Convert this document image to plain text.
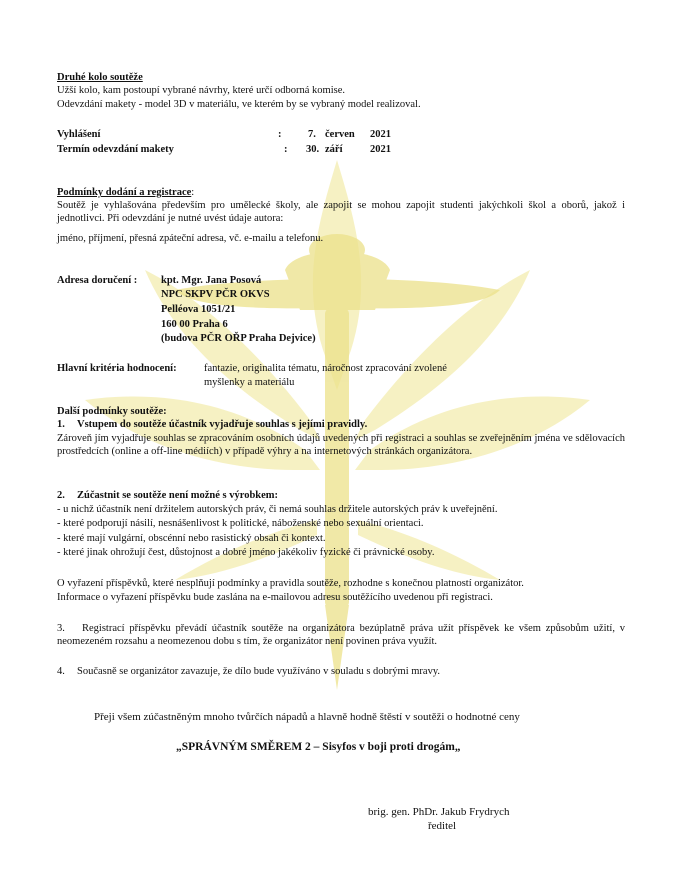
Druhé kolo soutěže
Užší kolo, kam postoupí vybrané návrhy, které určí odborná komise.
Odevzdání makety - model 3D v materiálu, ve kterém by se vybraný model realizoval.
Vyhlášení	:	7. červen 2021
Termín odevzdání makety	: 30. září	2021
Podmínky dodání a registrace:
Soutěž je vyhlašována především pro umělecké školy, ale zapojit se mohou zapojit studenti jakýchkoli škol a oborů, jakož i jednotlivci. Při odevzdání je nutné uvést údaje autora:
jméno, příjmení, přesná zpáteční adresa, vč. e-mailu a telefonu.
Adresa doručení : kpt. Mgr. Jana Posová
NPC SKPV PČR OKVS
Pelléova 1051/21
160 00 Praha 6
(budova PČR OŘP Praha Dejvice)
Hlavní kritéria hodnocení:	fantazie, originalita tématu, náročnost zpracování zvolené
myšlenky a materiálu
Další podmínky soutěže:
1. Vstupem do soutěže účastník vyjadřuje souhlas s jejími pravidly.
Zároveň jím vyjadřuje souhlas se zpracováním osobních údajů uvedených při registraci a souhlas se zveřejněním jména ve sdělovacích prostředcích (online a off-line médiích) v případě výhry a na internetových stránkách organizátora.
2. Zúčastnit se soutěže není možné s výrobkem:
- u nichž účastník není držitelem autorských práv, či nemá souhlas držitele autorských práv k uveřejnění.
- které podporují násilí, nesnášenlivost k politické, náboženské nebo sexuální orientaci.
- které mají vulgární, obscénní nebo rasistický obsah či kontext.
- které jinak ohrožují čest, důstojnost a dobré jméno jakékoliv fyzické či právnické osoby.
O vyřazení příspěvků, které nesplňují podmínky a pravidla soutěže, rozhodne s konečnou platností organizátor.
Informace o vyřazení příspěvku bude zaslána na e-mailovou adresu soutěžícího uvedenou při registraci.
3.	Registrací příspěvku převádí účastník soutěže na organizátora bezúplatně práva užít příspěvek ke všem způsobům užití, v neomezeném rozsahu a neomezenou dobu s tím, že organizátor není povinen práva využít.
4. Současně se organizátor zavazuje, že dílo bude využíváno v souladu s dobrými mravy.
Přeji všem zúčastněným mnoho tvůrčích nápadů a hlavně hodně štěstí v soutěži o hodnotné ceny
„SPRÁVNÝM SMĚREM 2 – Sisyfos v boji proti drogám„
brig. gen. PhDr. Jakub Frydrych
ředitel
